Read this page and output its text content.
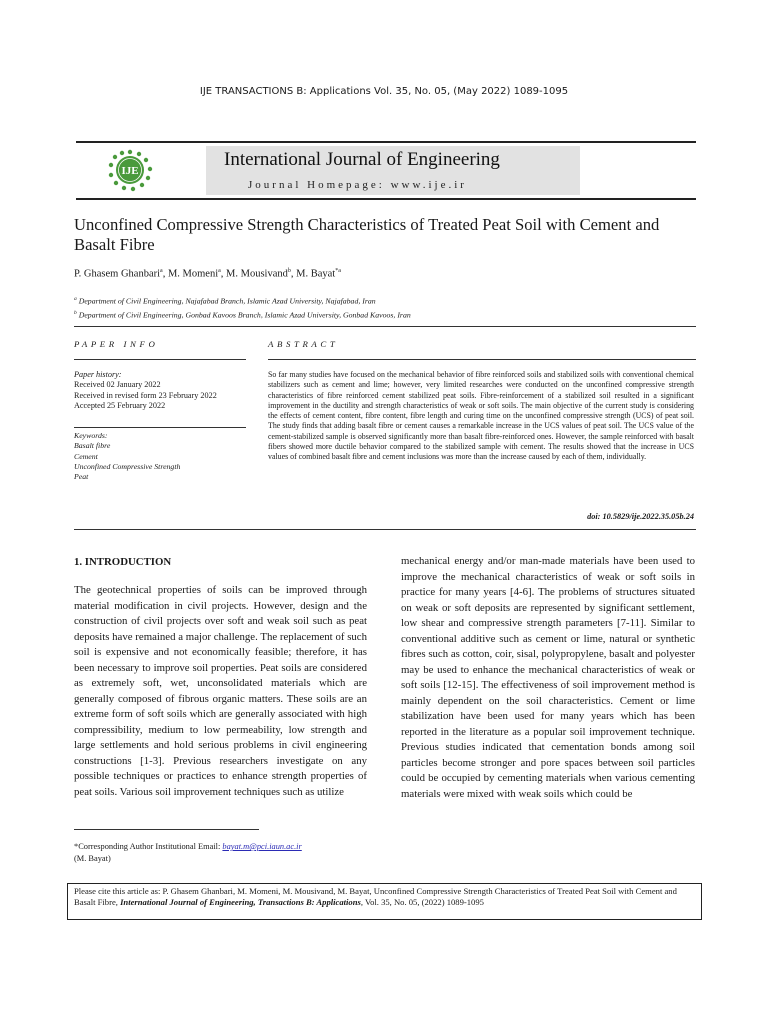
IJE TRANSACTIONS B: Applications Vol. 35, No. 05, (May 2022) 1089-1095
IJE
International Journal of Engineering
Journal Homepage: www.ije.ir
Unconfined Compressive Strength Characteristics of Treated Peat Soil with Cement and Basalt Fibre
P. Ghasem Ghanbari$^a$, M. Momeni$^a$, M. Mousivand$^b$, M. Bayat$^{*a}$
$^a$ Department of Civil Engineering, Najafabad Branch, Islamic Azad University, Najafabad, Iran
$^b$ Department of Civil Engineering, Gonbad Kavoos Branch, Islamic Azad University, Gonbad Kavoos, Iran
PAPER INFO	ABSTRACT
Paper history:
Received 02 January 2022
Received in revised form 23 February 2022
Accepted 25 February 2022
Keywords:
Basalt fibre
Cement
Unconfined Compressive Strength
Peat
So far many studies have focused on the mechanical behavior of fibre reinforced soils and stabilized soils with conventional chemical stabilizers such as cement and lime; however, very limited researches were conducted on the unconfined compressive strength characteristics of fibre reinforced cement stabilized peat soils. Fibre-reinforcement of a stabilized soil resulted in a significant improvement in the ductility and strength characteristics of weak or soft soils. The main objective of the current study is considering the effects of cement content, fibre content, fibre length and curing time on the unconfined compressive strength (UCS) of peat soil. The study finds that adding basalt fibre or cement causes a remarkable increase in the UCS values of peat soil. The UCS value of the cement-stabilized sample is observed significantly more than basalt fibre-reinforced ones. However, the sample reinforced with basalt fibers showed more ductile behavior compared to the stabilized sample with cement. The results showed that the increase in UCS values of combined basalt fibre and cement inclusions was more than the increase caused by each of them, individually.
doi: 10.5829/ije.2022.35.05b.24
1. INTRODUCTION
The geotechnical properties of soils can be improved through material modification in civil projects. However, design and the construction of civil projects over soft and weak soil such as peat deposits have remained a major challenge. The replacement of such soil is expensive and not economically feasible; therefore, it has been necessary to improve soil properties. Peat soils are considered as extremely soft, wet, unconsolidated materials which are generally composed of fibrous organic matters. These soils are an extreme form of soft soils which are generally associated with high compressibility, medium to low permeability, low strength and large settlements and hold serious problems in civil engineering constructions [1-3]. Previous researchers investigate on any possible techniques or practices to enhance strength properties of peat soils. Various soil improvement techniques such as utilize
mechanical energy and/or man-made materials have been used to improve the mechanical characteristics of weak or soft soils in practice for many years [4-6]. The problems of structures situated on weak or soft deposits are represented by significant settlement, low shear and compressive strength parameters [7-11]. Similar to conventional additive such as cement or lime, natural or synthetic fibres such as cotton, coir, sisal, polypropylene, basalt and polyester may be used to enhance the mechanical characteristics of weak or soft soils [12-15]. The effectiveness of soil improvement method is mainly dependent on the soil characteristics. Cement or lime stabilization have been used for many years which has been reported in the literature as a popular soil improvement technique. Previous studies indicated that cementation bonds among soil particles become stronger and pore spaces between soil particles could be occupied by cementing materials when various cementing materials were mixed with weak soils which could be
*Corresponding Author Institutional Email: bayat.m@pci.iaun.ac.ir
(M. Bayat)
Please cite this article as: P. Ghasem Ghanbari, M. Momeni, M. Mousivand, M. Bayat, Unconfined Compressive Strength Characteristics of Treated Peat Soil with Cement and Basalt Fibre, International Journal of Engineering, Transactions B: Applications, Vol. 35, No. 05, (2022) 1089-1095
